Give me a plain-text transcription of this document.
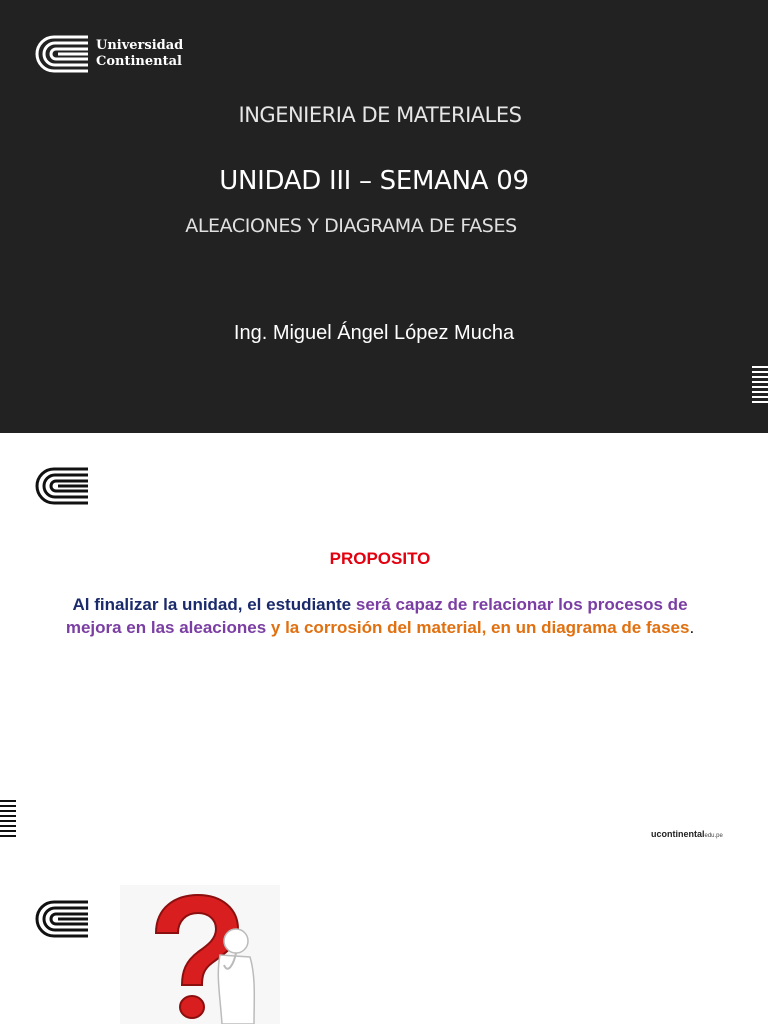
Universidad
Continental
INGENIERIA DE MATERIALES
UNIDAD III – SEMANA 09
ALEACIONES Y DIAGRAMA DE FASES
Ing. Miguel Ángel López Mucha
PROPOSITO
Al finalizar la unidad, el estudiante será capaz de relacionar los procesos de mejora en las aleaciones y la corrosión del material, en un diagrama de fases.
ucontinentaledu.pe
